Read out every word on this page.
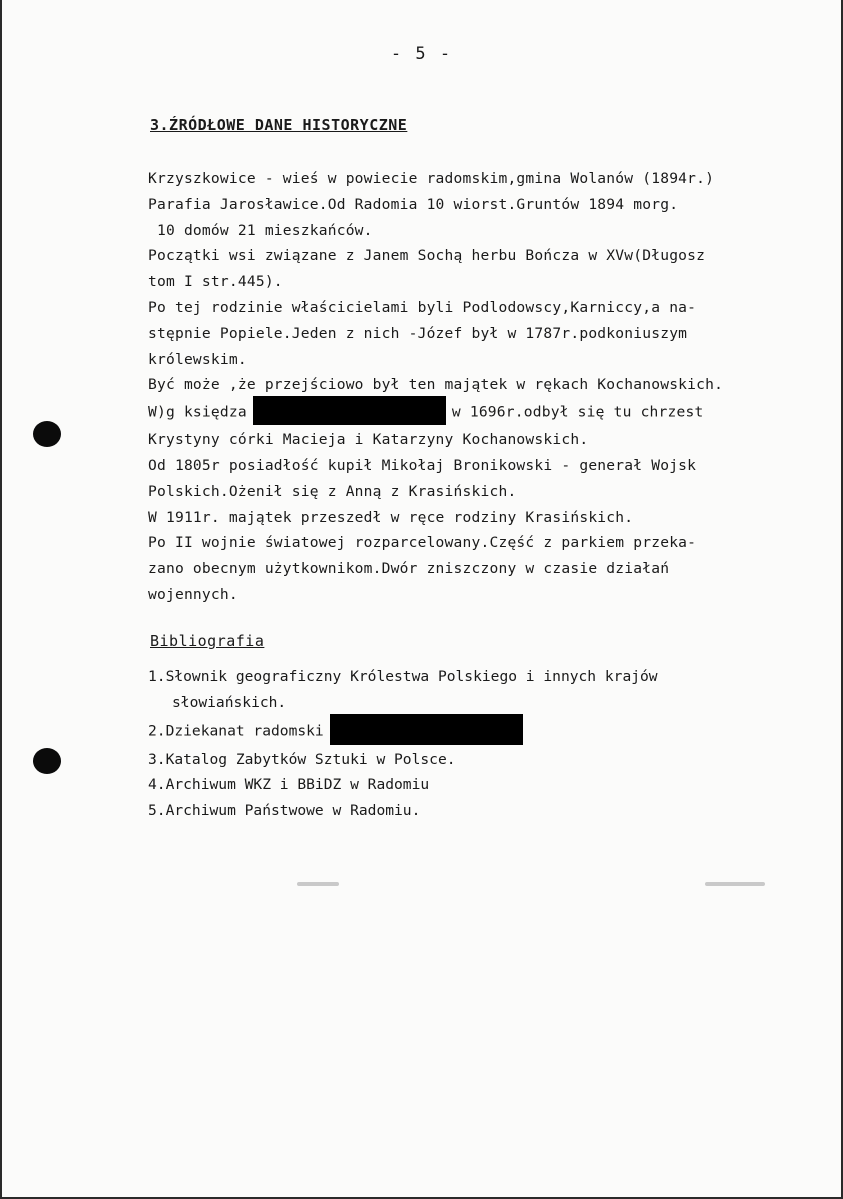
- 5 -
3.ŹRÓDŁOWE DANE HISTORYCZNE
Krzyszkowice - wieś w powiecie radomskim,gmina Wolanów (1894r.)
Parafia Jarosławice.Od Radomia 10 wiorst.Gruntów 1894 morg.
10 domów 21 mieszkańców.
Początki wsi związane z Janem Sochą herbu Bończa w XVw(Długosz
tom I str.445).
Po tej rodzinie właścicielami byli Podlodowscy,Karniccy,a na-
stępnie Popiele.Jeden z nich -Józef był w 1787r.podkoniuszym
królewskim.
Być może ,że przejściowo był ten majątek w rękach Kochanowskich.
W)g księdza	w 1696r.odbył się tu chrzest
Krystyny córki Macieja i Katarzyny Kochanowskich.
Od 1805r posiadłość kupił Mikołaj Bronikowski - generał Wojsk
Polskich.Ożenił się z Anną z Krasińskich.
W 1911r. majątek przeszedł w ręce rodziny Krasińskich.
Po II wojnie światowej rozparcelowany.Część z parkiem przeka-
zano obecnym użytkownikom.Dwór zniszczony w czasie działań
wojennych.
Bibliografia
1.Słownik geograficzny Królestwa Polskiego i innych krajów
słowiańskich.
2.Dziekanat radomski
3.Katalog Zabytków Sztuki w Polsce.
4.Archiwum WKZ i BBiDZ w Radomiu
5.Archiwum Państwowe w Radomiu.
